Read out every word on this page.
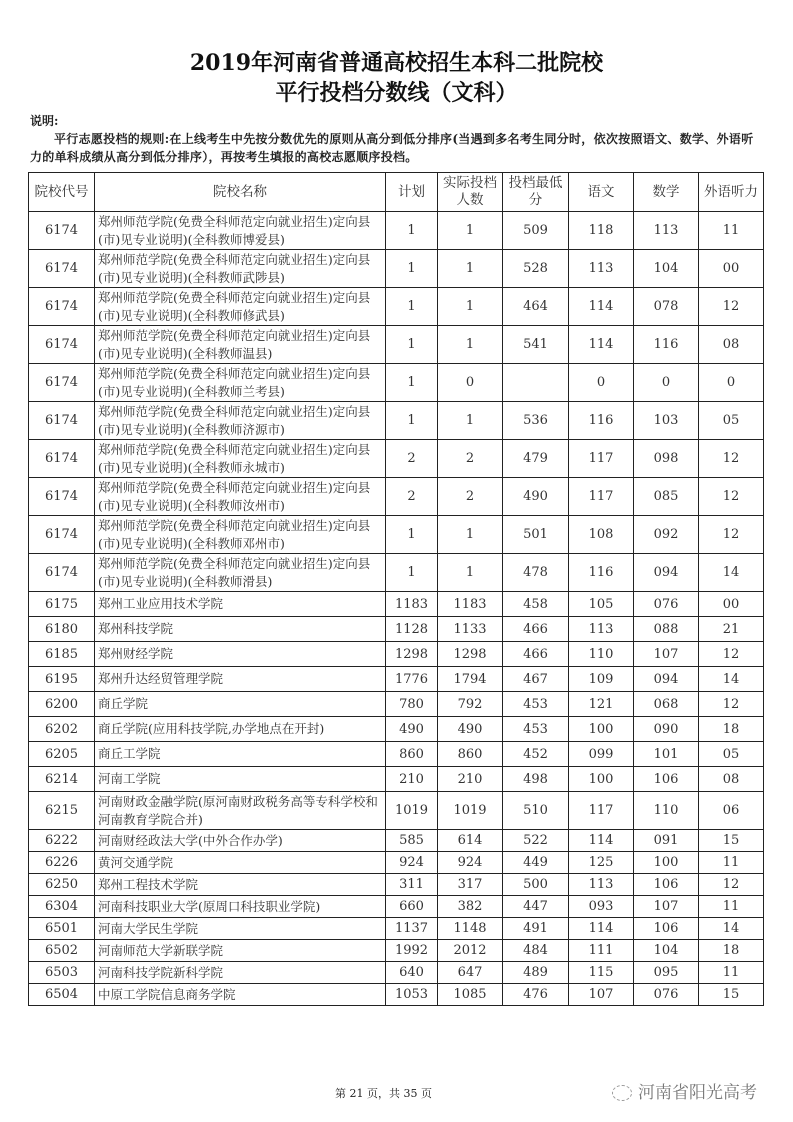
2019年河南省普通高校招生本科二批院校
平行投档分数线（文科）
说明:
平行志愿投档的规则:在上线考生中先按分数优先的原则从高分到低分排序(当遇到多名考生同分时，依次按照语文、数学、外语听力的单科成绩从高分到低分排序），再按考生填报的高校志愿顺序投档。
院校代号	院校名称	计划	实际投档人数	投档最低分	语文	数学	外语听力
6174	郑州师范学院(免费全科师范定向就业招生)定向县(市)见专业说明)(全科教师博爱县)	1	1	509	118	113	11
6174	郑州师范学院(免费全科师范定向就业招生)定向县(市)见专业说明)(全科教师武陟县)	1	1	528	113	104	00
6174	郑州师范学院(免费全科师范定向就业招生)定向县(市)见专业说明)(全科教师修武县)	1	1	464	114	078	12
6174	郑州师范学院(免费全科师范定向就业招生)定向县(市)见专业说明)(全科教师温县)	1	1	541	114	116	08
6174	郑州师范学院(免费全科师范定向就业招生)定向县(市)见专业说明)(全科教师兰考县)	1	0		0	0	0
6174	郑州师范学院(免费全科师范定向就业招生)定向县(市)见专业说明)(全科教师济源市)	1	1	536	116	103	05
6174	郑州师范学院(免费全科师范定向就业招生)定向县(市)见专业说明)(全科教师永城市)	2	2	479	117	098	12
6174	郑州师范学院(免费全科师范定向就业招生)定向县(市)见专业说明)(全科教师汝州市)	2	2	490	117	085	12
6174	郑州师范学院(免费全科师范定向就业招生)定向县(市)见专业说明)(全科教师邓州市)	1	1	501	108	092	12
6174	郑州师范学院(免费全科师范定向就业招生)定向县(市)见专业说明)(全科教师滑县)	1	1	478	116	094	14
6175	郑州工业应用技术学院	1183	1183	458	105	076	00
6180	郑州科技学院	1128	1133	466	113	088	21
6185	郑州财经学院	1298	1298	466	110	107	12
6195	郑州升达经贸管理学院	1776	1794	467	109	094	14
6200	商丘学院	780	792	453	121	068	12
6202	商丘学院(应用科技学院,办学地点在开封)	490	490	453	100	090	18
6205	商丘工学院	860	860	452	099	101	05
6214	河南工学院	210	210	498	100	106	08
6215	河南财政金融学院(原河南财政税务高等专科学校和河南教育学院合并)	1019	1019	510	117	110	06
6222	河南财经政法大学(中外合作办学)	585	614	522	114	091	15
6226	黄河交通学院	924	924	449	125	100	11
6250	郑州工程技术学院	311	317	500	113	106	12
6304	河南科技职业大学(原周口科技职业学院)	660	382	447	093	107	11
6501	河南大学民生学院	1137	1148	491	114	106	14
6502	河南师范大学新联学院	1992	2012	484	111	104	18
6503	河南科技学院新科学院	640	647	489	115	095	11
6504	中原工学院信息商务学院	1053	1085	476	107	076	15
第 21 页，共 35 页	河南省阳光高考
